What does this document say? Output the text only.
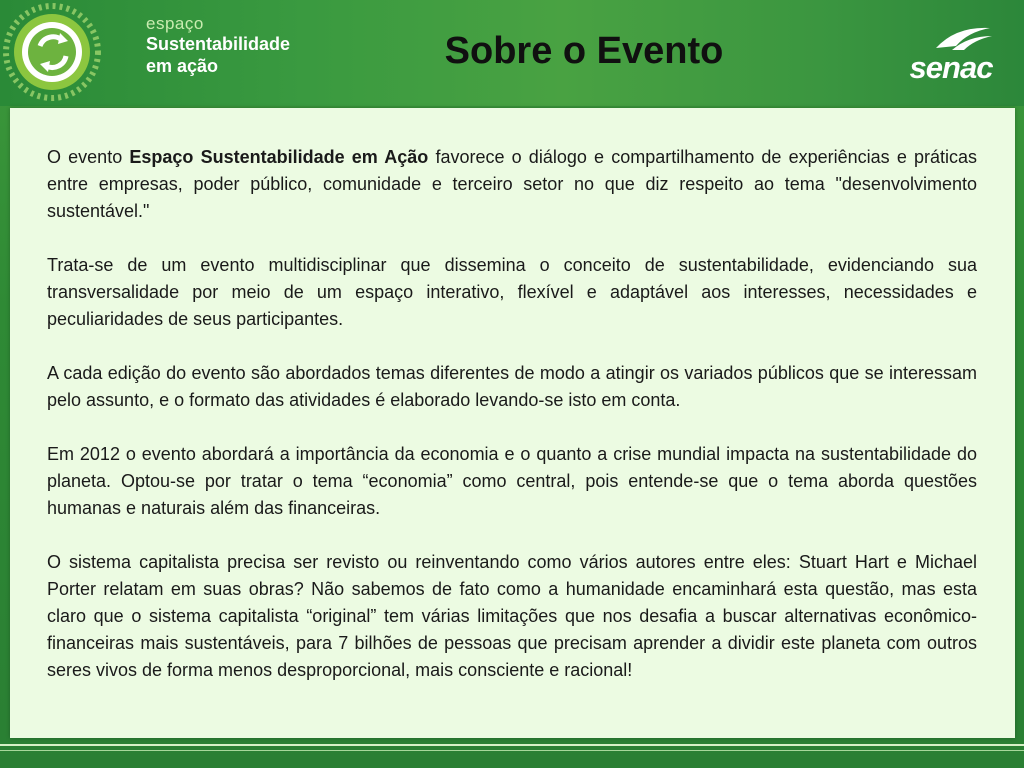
espaço
Sustentabilidade
em ação	Sobre o Evento	senac

O evento Espaço Sustentabilidade em Ação favorece o diálogo e compartilhamento de experiências e práticas entre empresas, poder público, comunidade e terceiro setor no que diz respeito ao tema "desenvolvimento sustentável."

Trata-se de um evento multidisciplinar que dissemina o conceito de sustentabilidade, evidenciando sua transversalidade por meio de um espaço interativo, flexível e adaptável aos interesses, necessidades e peculiaridades de seus participantes.

A cada edição do evento são abordados temas diferentes de modo a atingir os variados públicos que se interessam pelo assunto, e o formato das atividades é elaborado levando-se isto em conta.

Em 2012 o evento abordará a importância da economia e o quanto a crise mundial impacta na sustentabilidade do planeta. Optou-se por tratar o tema “economia” como central, pois entende-se que o tema aborda questões humanas e naturais além das financeiras.

O sistema capitalista precisa ser revisto ou reinventando como vários autores entre eles: Stuart Hart e Michael Porter relatam em suas obras? Não sabemos de fato como a humanidade encaminhará esta questão, mas esta claro que o sistema capitalista “original” tem várias limitações que nos desafia a buscar alternativas econômico-financeiras mais sustentáveis, para 7 bilhões de pessoas que precisam aprender a dividir este planeta com outros seres vivos de forma menos desproporcional, mais consciente e racional!
